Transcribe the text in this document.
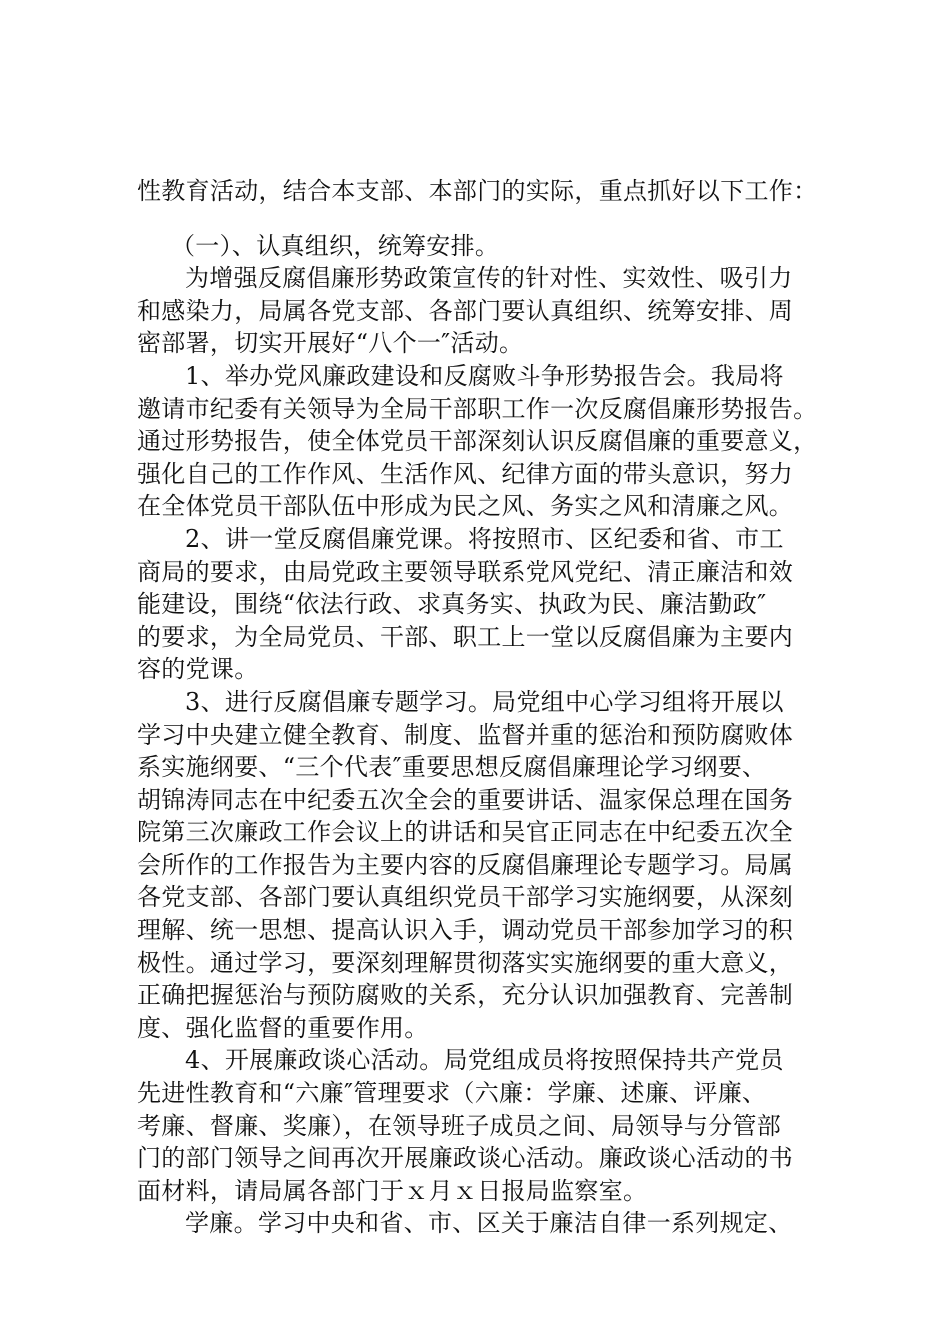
性教育活动，结合本支部、本部门的实际，重点抓好以下工作：
（一）、认真组织，统筹安排。
为增强反腐倡廉形势政策宣传的针对性、实效性、吸引力
和感染力，局属各党支部、各部门要认真组织、统筹安排、周
密部署，切实开展好“八个一″活动。
1、举办党风廉政建设和反腐败斗争形势报告会。我局将
邀请市纪委有关领导为全局干部职工作一次反腐倡廉形势报告。
通过形势报告，使全体党员干部深刻认识反腐倡廉的重要意义，
强化自己的工作作风、生活作风、纪律方面的带头意识，努力
在全体党员干部队伍中形成为民之风、务实之风和清廉之风。
2、讲一堂反腐倡廉党课。将按照市、区纪委和省、市工
商局的要求，由局党政主要领导联系党风党纪、清正廉洁和效
能建设，围绕“依法行政、求真务实、执政为民、廉洁勤政″
的要求，为全局党员、干部、职工上一堂以反腐倡廉为主要内
容的党课。
3、进行反腐倡廉专题学习。局党组中心学习组将开展以
学习中央建立健全教育、制度、监督并重的惩治和预防腐败体
系实施纲要、“三个代表″重要思想反腐倡廉理论学习纲要、
胡锦涛同志在中纪委五次全会的重要讲话、温家保总理在国务
院第三次廉政工作会议上的讲话和吴官正同志在中纪委五次全
会所作的工作报告为主要内容的反腐倡廉理论专题学习。局属
各党支部、各部门要认真组织党员干部学习实施纲要，从深刻
理解、统一思想、提高认识入手，调动党员干部参加学习的积
极性。通过学习，要深刻理解贯彻落实实施纲要的重大意义，
正确把握惩治与预防腐败的关系，充分认识加强教育、完善制
度、强化监督的重要作用。
4、开展廉政谈心活动。局党组成员将按照保持共产党员
先进性教育和“六廉″管理要求（六廉：学廉、述廉、评廉、
考廉、督廉、奖廉），在领导班子成员之间、局领导与分管部
门的部门领导之间再次开展廉政谈心活动。廉政谈心活动的书
面材料，请局属各部门于ｘ月ｘ日报局监察室。
学廉。学习中央和省、市、区关于廉洁自律一系列规定、
